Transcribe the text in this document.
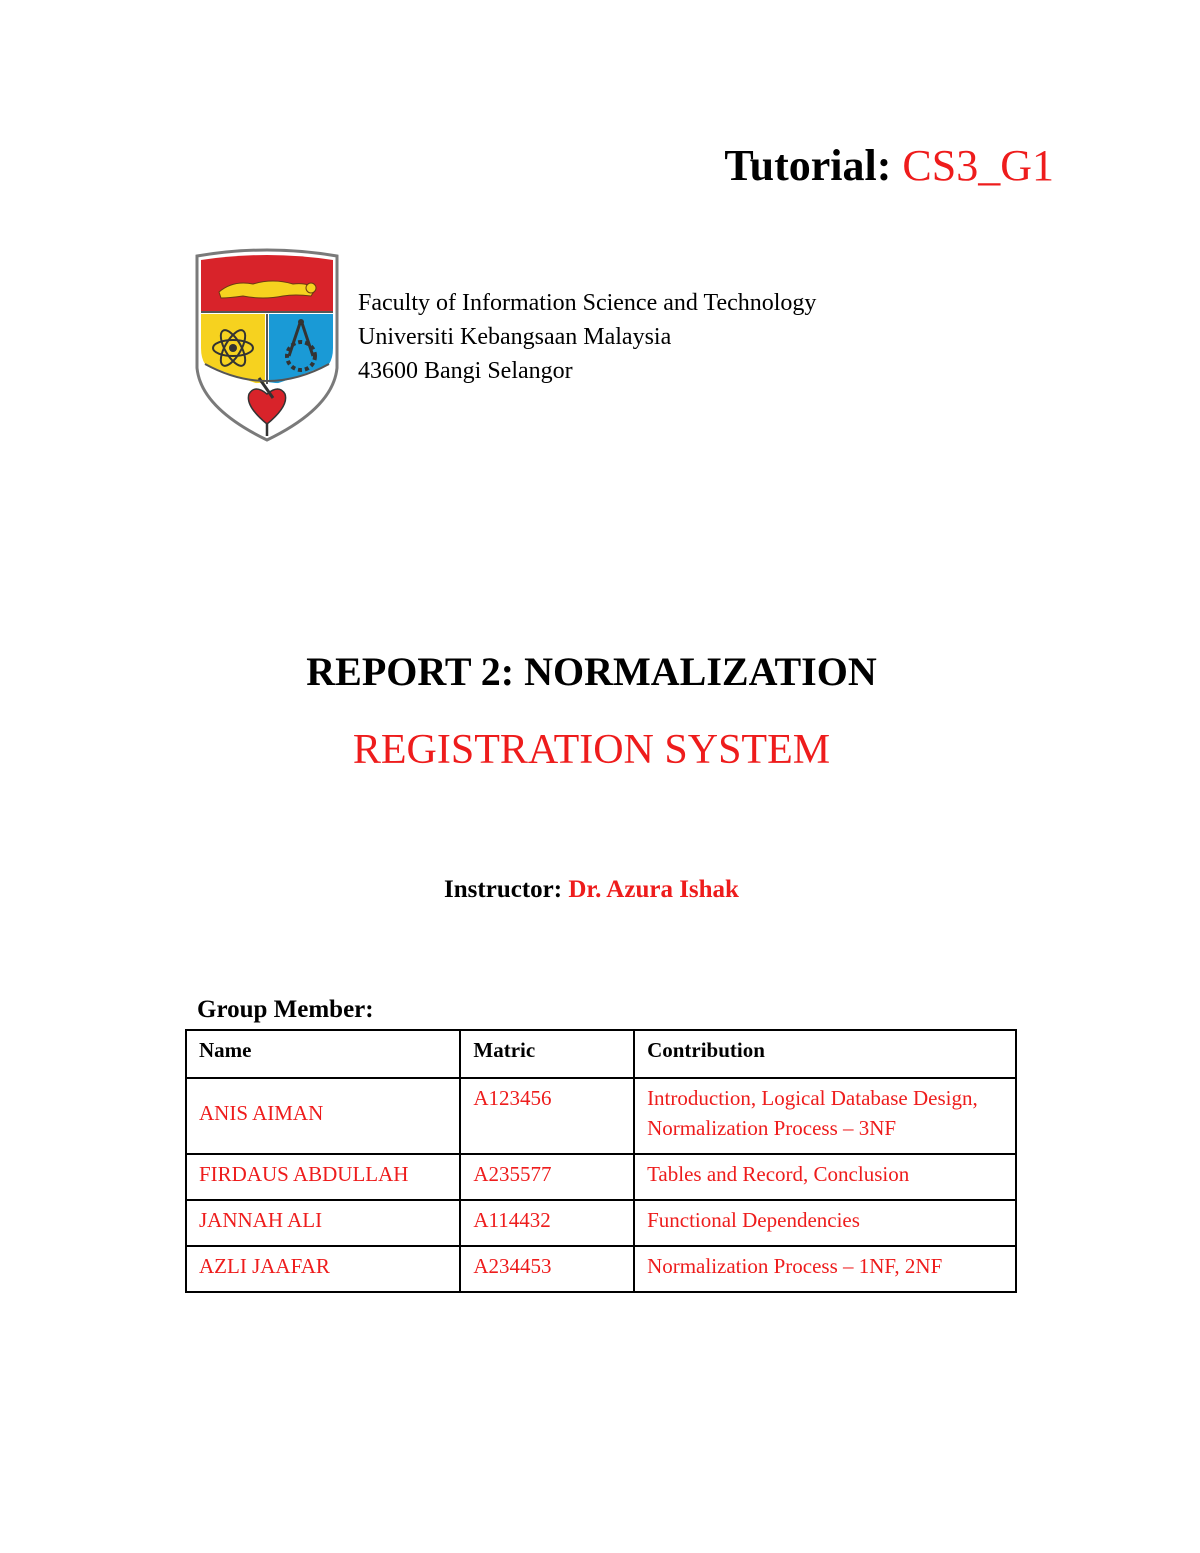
Tutorial: CS3_G1
Faculty of Information Science and Technology
Universiti Kebangsaan Malaysia
43600 Bangi Selangor
REPORT 2: NORMALIZATION
REGISTRATION SYSTEM
Instructor: Dr. Azura Ishak
Group Member:
Name	Matric	Contribution
ANIS AIMAN	A123456	Introduction, Logical Database Design, Normalization Process – 3NF
FIRDAUS ABDULLAH	A235577	Tables and Record, Conclusion
JANNAH ALI	A114432	Functional Dependencies
AZLI JAAFAR	A234453	Normalization Process – 1NF, 2NF
